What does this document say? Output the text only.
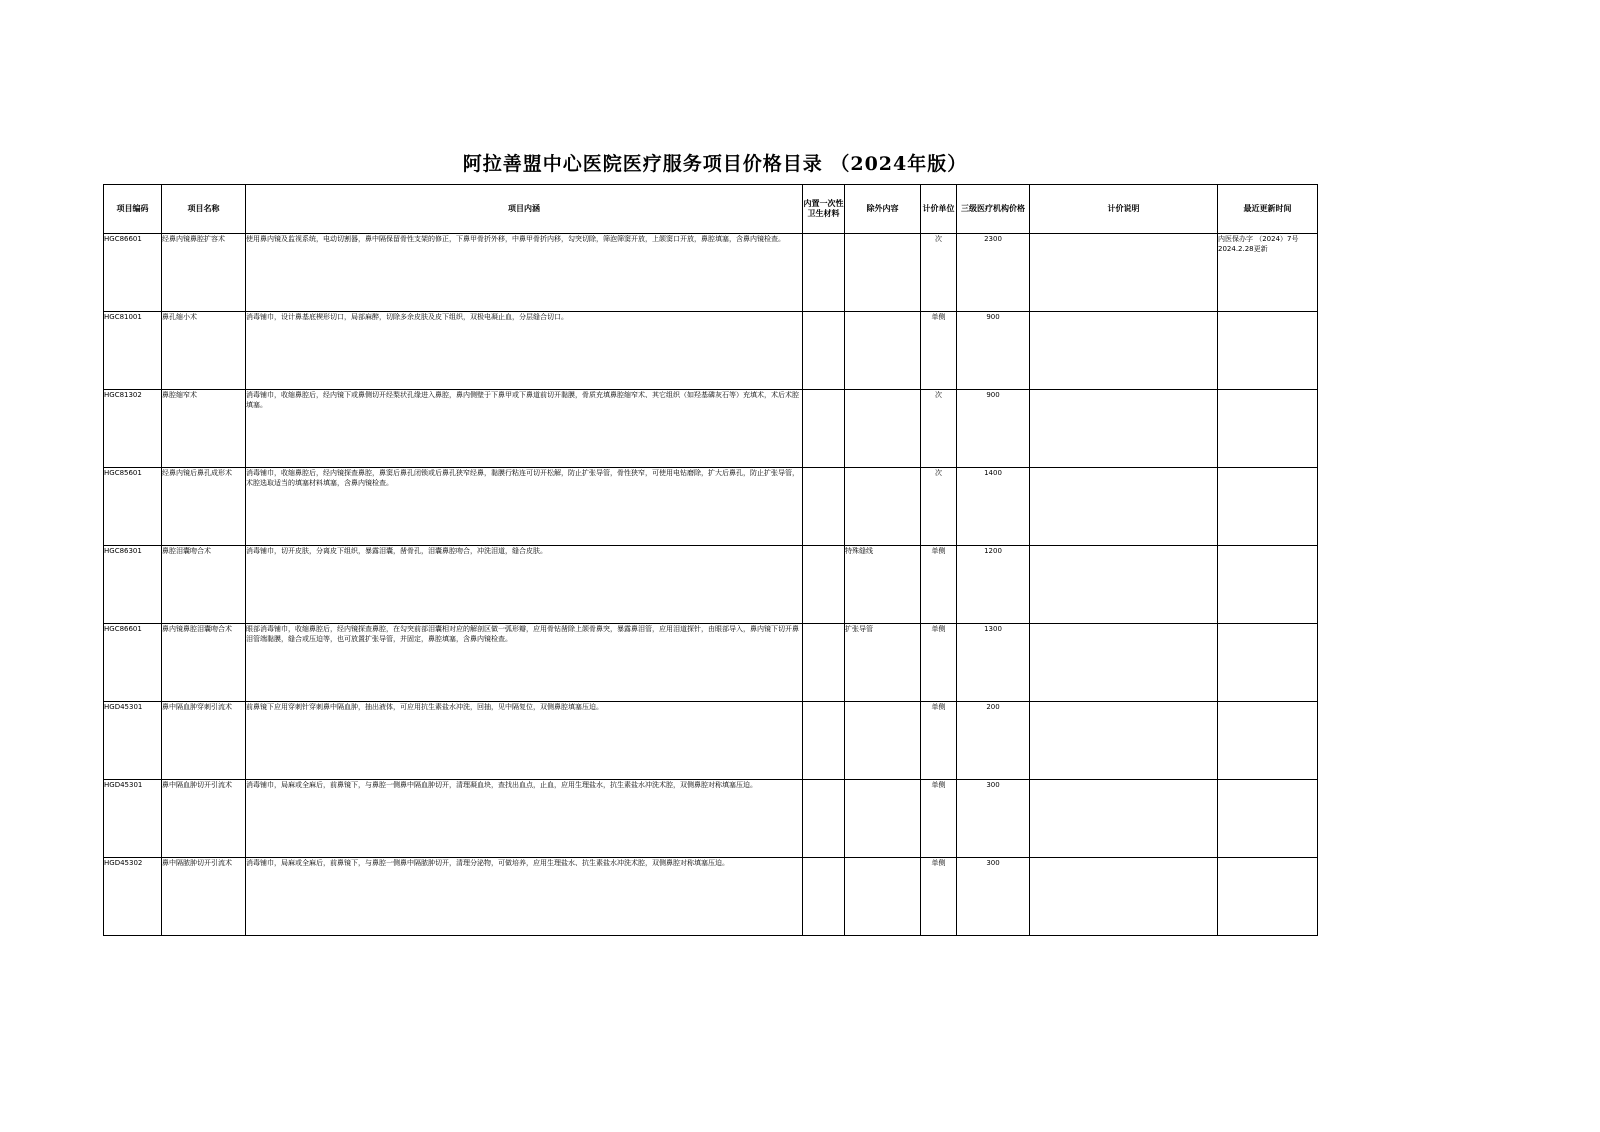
阿拉善盟中心医院医疗服务项目价格目录 （2024年版）
项目编码	项目名称	项目内涵	内置一次性卫生材料	除外内容	计价单位	三级医疗机构价格	计价说明	最近更新时间
HGC86601	经鼻内镜鼻腔扩容术	使用鼻内镜及监视系统，电动切割器，鼻中隔保留骨性支架的修正，下鼻甲骨折外移，中鼻甲骨折内移，勾突切除，筛泡筛窦开放，上颌窦口开放，鼻腔填塞，含鼻内镜检查。			次	2300		内医保办字 （2024）7号 2024.2.28更新
HGC81001	鼻孔缩小术	消毒铺巾，设计鼻基底楔形切口，局部麻醉，切除多余皮肤及皮下组织，双极电凝止血，分层缝合切口。			单侧	900		
HGC81302	鼻腔缩窄术	消毒铺巾，收缩鼻腔后，经内镜下或鼻侧切开经梨状孔缘进入鼻腔，鼻内侧壁于下鼻甲或下鼻道前切开黏膜，骨质充填鼻腔缩窄术、其它组织（如羟基磷灰石等）充填术，术后术腔填塞。			次	900		
HGC85601	经鼻内镜后鼻孔成形术	消毒铺巾，收缩鼻腔后，经内镜探查鼻腔，鼻窦后鼻孔闭锁或后鼻孔狭窄经鼻，黏膜行粘连可切开松解，防止扩张导管，骨性狭窄，可使用电钻磨除，扩大后鼻孔，防止扩张导管，术腔选取适当的填塞材料填塞，含鼻内镜检查。			次	1400		
HGC86301	鼻腔泪囊吻合术	消毒铺巾，切开皮肤，分离皮下组织，暴露泪囊，凿骨孔，泪囊鼻腔吻合，冲洗泪道，缝合皮肤。		特殊缝线	单侧	1200		
HGC86601	鼻内镜鼻腔泪囊吻合术	眼部消毒铺巾，收缩鼻腔后，经内镜探查鼻腔，在勾突前部泪囊相对应的解剖区做一弧形瓣，应用骨钻凿除上颌骨鼻突，暴露鼻泪管，应用泪道探针，由眼部导入，鼻内镜下切开鼻泪管端黏膜，缝合或压迫等，也可放置扩张导管，并固定，鼻腔填塞，含鼻内镜检查。		扩张导管	单侧	1300		
HGD45301	鼻中隔血肿穿刺引流术	前鼻镜下应用穿刺针穿刺鼻中隔血肿，抽出液体，可应用抗生素盐水冲洗，回抽，见中隔复位，双侧鼻腔填塞压迫。			单侧	200		
HGD45301	鼻中隔血肿切开引流术	消毒铺巾，局麻或全麻后，前鼻镜下，与鼻腔一侧鼻中隔血肿切开，清理凝血块，查找出血点，止血，应用生理盐水，抗生素盐水冲洗术腔，双侧鼻腔对称填塞压迫。			单侧	300		
HGD45302	鼻中隔脓肿切开引流术	消毒铺巾，局麻或全麻后，前鼻镜下，与鼻腔一侧鼻中隔脓肿切开，清理分泌物，可做培养，应用生理盐水、抗生素盐水冲洗术腔，双侧鼻腔对称填塞压迫。			单侧	300		
